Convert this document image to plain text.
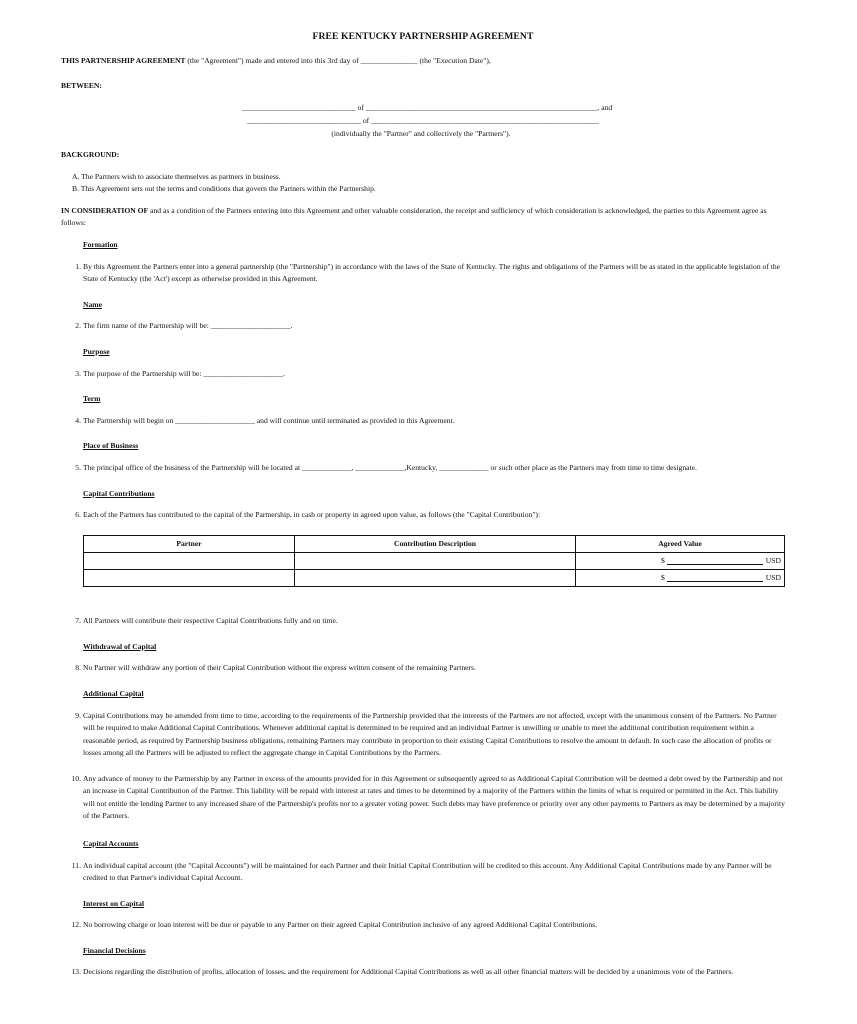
FREE KENTUCKY PARTNERSHIP AGREEMENT
THIS PARTNERSHIP AGREEMENT (the "Agreement") made and entered into this 3rd day of _______________ (the "Execution Date"),
BETWEEN:
______________________________ of _____________________________________________________________, and
______________________________ of ____________________________________________________________
(individually the "Partner" and collectively the "Partners").
BACKGROUND:
A. The Partners wish to associate themselves as partners in business.
B. This Agreement sets out the terms and conditions that govern the Partners within the Partnership.
IN CONSIDERATION OF and as a condition of the Partners entering into this Agreement and other valuable consideration, the receipt and sufficiency of which consideration is acknowledged, the parties to this Agreement agree as follows:
Formation
1. By this Agreement the Partners enter into a general partnership (the "Partnership") in accordance with the laws of the State of Kentucky. The rights and obligations of the Partners will be as stated in the applicable legislation of the State of Kentucky (the 'Act') except as otherwise provided in this Agreement.
Name
2. The firm name of the Partnership will be: _____________________.
Purpose
3. The purpose of the Partnership will be: _____________________.
Term
4. The Partnership will begin on _____________________ and will continue until terminated as provided in this Agreement.
Place of Business
5. The principal office of the business of the Partnership will be located at _____________, _____________,Kentucky, _____________ or such other place as the Partners may from time to time designate.
Capital Contributions
6. Each of the Partners has contributed to the capital of the Partnership, in cash or property in agreed upon value, as follows (the "Capital Contribution"):
Partner	Contribution Description	Agreed Value

		$ USD

		$ USD
7. All Partners will contribute their respective Capital Contributions fully and on time.
Withdrawal of Capital
8. No Partner will withdraw any portion of their Capital Contribution without the express written consent of the remaining Partners.
Additional Capital
9. Capital Contributions may be amended from time to time, according to the requirements of the Partnership provided that the interests of the Partners are not affected, except with the unanimous consent of the Partners. No Partner will be required to make Additional Capital Contributions. Whenever additional capital is determined to be required and an individual Partner is unwilling or unable to meet the additional contribution requirement within a reasonable period, as required by Partnership business obligations, remaining Partners may contribute in proportion to their existing Capital Contributions to resolve the amount in default. In such case the allocation of profits or losses among all the Partners will be adjusted to reflect the aggregate change in Capital Contributions by the Partners.
10. Any advance of money to the Partnership by any Partner in excess of the amounts provided for in this Agreement or subsequently agreed to as Additional Capital Contribution will be deemed a debt owed by the Partnership and not an increase in Capital Contribution of the Partner. This liability will be repaid with interest at rates and times to be determined by a majority of the Partners within the limits of what is required or permitted in the Act. This liability will not entitle the lending Partner to any increased share of the Partnership's profits nor to a greater voting power. Such debts may have preference or priority over any other payments to Partners as may be determined by a majority of the Partners.
Capital Accounts
11. An individual capital account (the "Capital Accounts") will be maintained for each Partner and their Initial Capital Contribution will be credited to this account. Any Additional Capital Contributions made by any Partner will be credited to that Partner's individual Capital Account.
Interest on Capital
12. No borrowing charge or loan interest will be due or payable to any Partner on their agreed Capital Contribution inclusive of any agreed Additional Capital Contributions.
Financial Decisions
13. Decisions regarding the distribution of profits, allocation of losses, and the requirement for Additional Capital Contributions as well as all other financial matters will be decided by a unanimous vote of the Partners.
